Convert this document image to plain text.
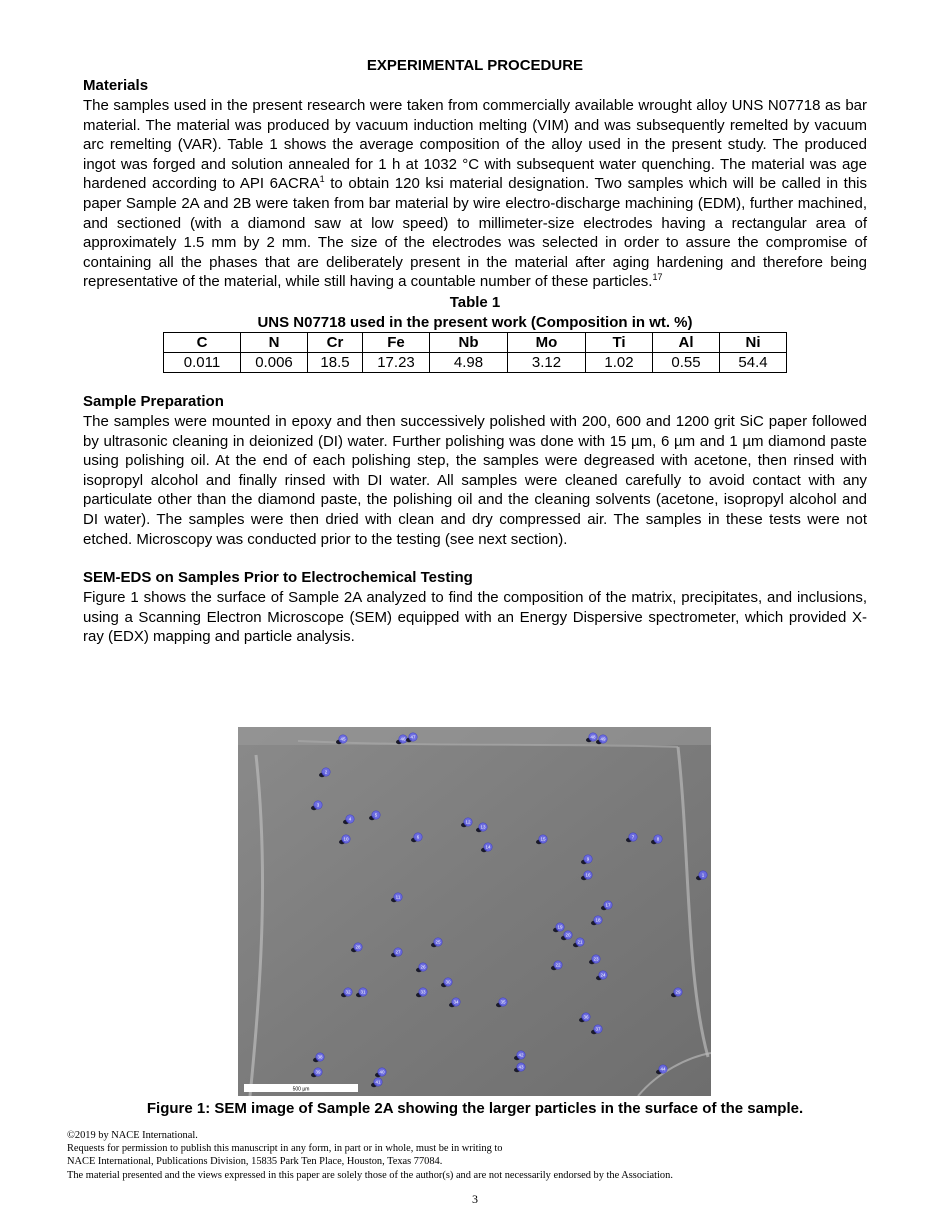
EXPERIMENTAL PROCEDURE

Materials

The samples used in the present research were taken from commercially available wrought alloy UNS N07718 as bar material. The material was produced by vacuum induction melting (VIM) and was subsequently remelted by vacuum arc remelting (VAR). Table 1 shows the average composition of the alloy used in the present study. The produced ingot was forged and solution annealed for 1 h at 1032 °C with subsequent water quenching. The material was age hardened according to API 6ACRA$^1$ to obtain 120 ksi material designation. Two samples which will be called in this paper Sample 2A and 2B were taken from bar material by wire electro-discharge machining (EDM), further machined, and sectioned (with a diamond saw at low speed) to millimeter-size electrodes having a rectangular area of approximately 1.5 mm by 2 mm. The size of the electrodes was selected in order to assure the compromise of containing all the phases that are deliberately present in the material after aging hardening and therefore being representative of the material, while still having a countable number of these particles.$^{17}$

Table 1

UNS N07718 used in the present work (Composition in wt. %)

C	N	Cr	Fe	Nb	Mo	Ti	Al	Ni
0.011	0.006	18.5	17.23	4.98	3.12	1.02	0.55	54.4

Sample Preparation

The samples were mounted in epoxy and then successively polished with 200, 600 and 1200 grit SiC paper followed by ultrasonic cleaning in deionized (DI) water. Further polishing was done with 15 µm, 6 µm and 1 µm diamond paste using polishing oil. At the end of each polishing step, the samples were degreased with acetone, then rinsed with isopropyl alcohol and finally rinsed with DI water. All samples were cleaned carefully to avoid contact with any particulate other than the diamond paste, the polishing oil and the cleaning solvents (acetone, isopropyl alcohol and DI water). The samples were then dried with clean and dry compressed air. The samples in these tests were not etched. Microscopy was conducted prior to the testing (see next section).

SEM-EDS on Samples Prior to Electrochemical Testing

Figure 1 shows the surface of Sample 2A analyzed to find the composition of the matrix, precipitates, and inclusions, using a Scanning Electron Microscope (SEM) equipped with an Energy Dispersive spectrometer, which provided X-ray (EDX) mapping and particle analysis.

1
2
3
4
5
6	7	8
9
10
11
12
13
14
15
16
17
18
19
20
21
22
23
24
25
26
27
28
29
30
31
32	33
34	35
36
37
38
39	40
41
42
43	44
45	46 47	48 49
500 µm
Figure 1: SEM image of Sample 2A showing the larger particles in the surface of the sample.
©2019 by NACE International.
Requests for permission to publish this manuscript in any form, in part or in whole, must be in writing to
NACE International, Publications Division, 15835 Park Ten Place, Houston, Texas 77084.
The material presented and the views expressed in this paper are solely those of the author(s) and are not necessarily endorsed by the Association.
3
